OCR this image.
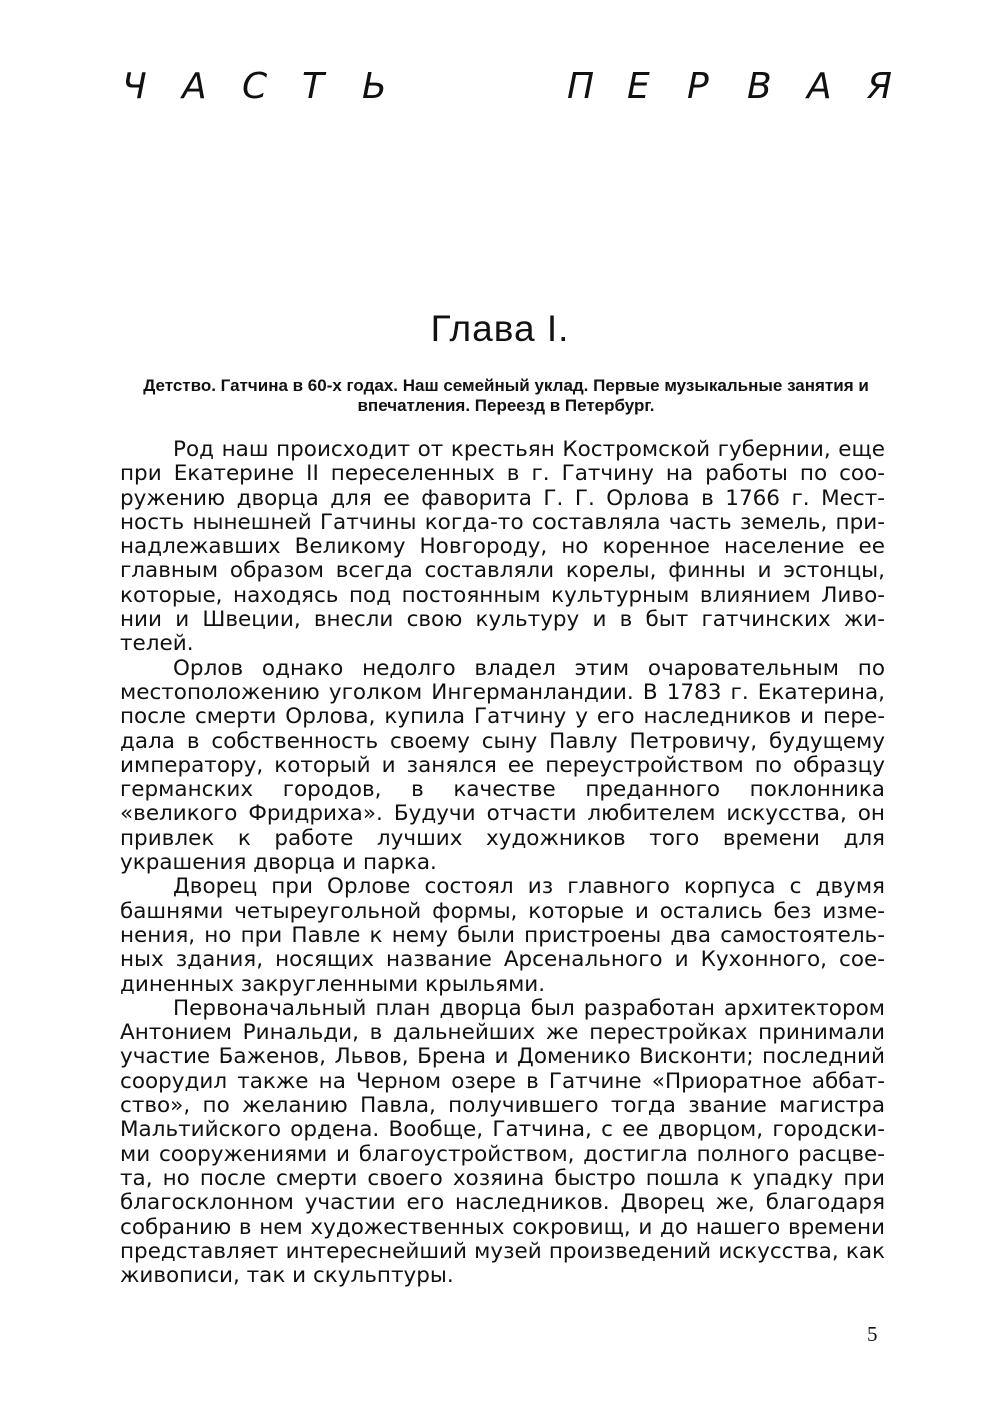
Ч А С Т	Ь	П Е	Р	В А Я
Глава I.
Детство. Гатчина в 60-х годах. Наш семейный уклад. Первые музыкальные занятия и впечатления. Переезд в Петербург.

Род наш происходит от крестьян Костромской губернии, еще при Екатерине II переселенных в г. Гатчину на работы по сооружению дворца для ее фаворита Г. Г. Орлова в 1766 г. Местность нынешней Гатчины когда-то составляла часть земель, принадлежавших Великому Новгороду, но коренное население ее главным образом всегда составляли корелы, финны и эстонцы, которые, находясь под постоянным культурным влиянием Ливонии и Швеции, внесли свою культуру и в быт гатчинских жителей.

Орлов однако недолго владел этим очаровательным по местоположению уголком Ингерманландии. В 1783 г. Екатерина, после смерти Орлова, купила Гатчину у его наследников и передала в собственность своему сыну Павлу Петровичу, будущему императору, который и занялся ее переустройством по образцу германских городов, в качестве преданного поклонника «великого Фридриха». Будучи отчасти любителем искусства, он привлек к работе лучших художников того времени для украшения дворца и парка.

Дворец при Орлове состоял из главного корпуса с двумя башнями четыреугольной формы, которые и остались без изменения, но при Павле к нему были пристроены два самостоятельных здания, носящих название Арсенального и Кухонного, соединенных закругленными крыльями.

Первоначальный план дворца был разработан архитектором Антонием Ринальди, в дальнейших же перестройках принимали участие Баженов, Львов, Брена и Доменико Висконти; последний соорудил также на Черном озере в Гатчине «Приоратное аббатство», по желанию Павла, получившего тогда звание магистра Мальтийского ордена. Вообще, Гатчина, с ее дворцом, городскими сооружениями и благоустройством, достигла полного расцвета, но после смерти своего хозяина быстро пошла к упадку при благосклонном участии его наследников. Дворец же, благодаря собранию в нем художественных сокровищ, и до нашего времени представляет интереснейший музей произведений искусства, как живописи, так и скульптуры.

5
